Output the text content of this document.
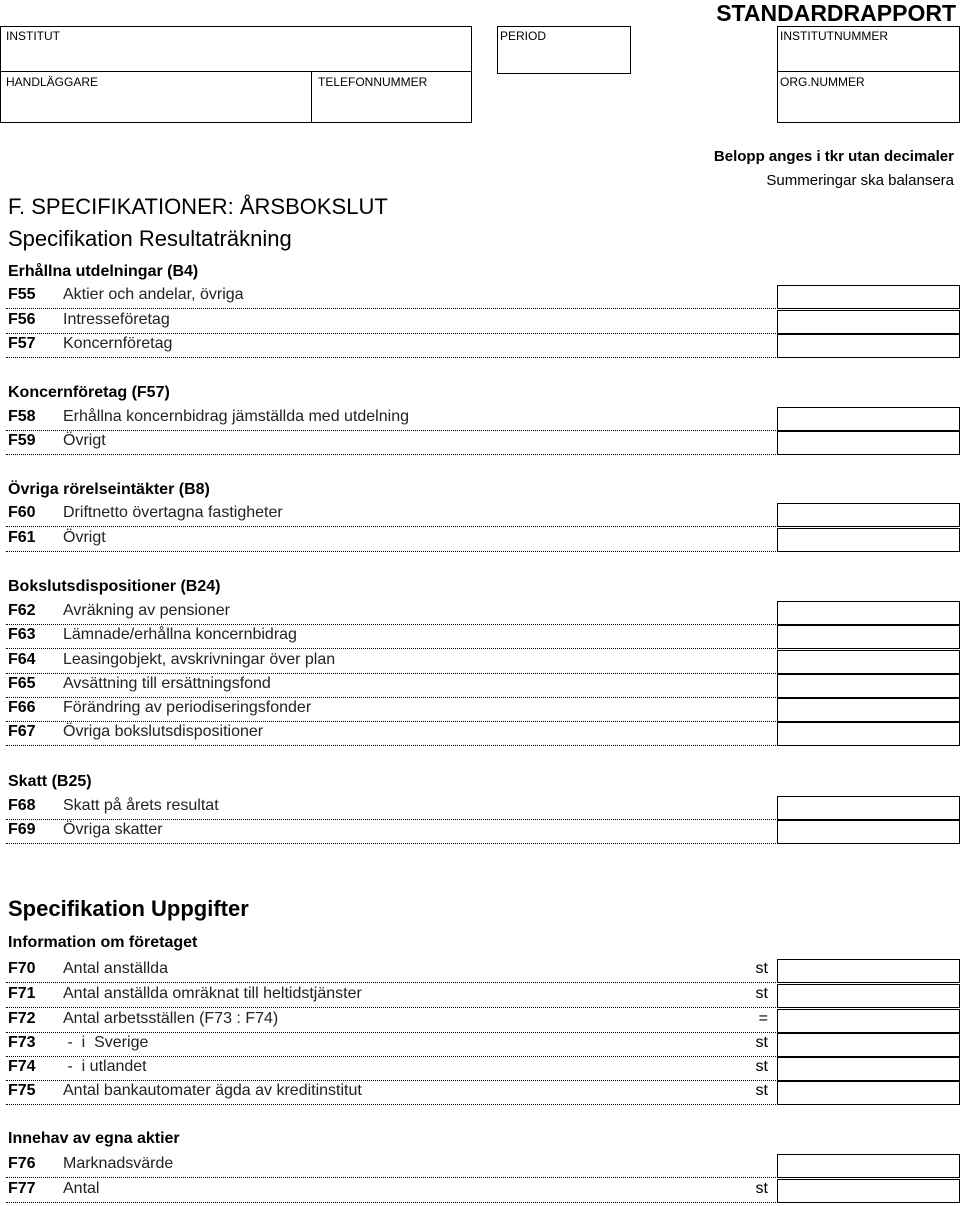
STANDARDRAPPORT
INSTITUT	PERIOD	INSTITUTNUMMER
HANDLÄGGARE	TELEFONNUMMER	ORG.NUMMER
Belopp anges i tkr utan decimaler
Summeringar ska balansera
F. SPECIFIKATIONER: ÅRSBOKSLUT
Specifikation Resultaträkning
Specifikation Uppgifter
Erhållna utdelningar (B4)
F55 Aktier och andelar, övriga
F56 Intresseföretag
F57 Koncernföretag
Koncernföretag (F57)
F58 Erhållna koncernbidrag jämställda med utdelning
F59 Övrigt
Övriga rörelseintäkter (B8)
F60 Driftnetto övertagna fastigheter
F61 Övrigt
Bokslutsdispositioner (B24)
F62 Avräkning av pensioner
F63 Lämnade/erhållna koncernbidrag
F64 Leasingobjekt, avskrivningar över plan
F65 Avsättning till ersättningsfond
F66 Förändring av periodiseringsfonder
F67 Övriga bokslutsdispositioner
Skatt (B25)
F68 Skatt på årets resultat
F69 Övriga skatter
Information om företaget
F70 Antal anställda	st
F71 Antal anställda omräknat till heltidstjänster	st
F72 Antal arbetsställen (F73 : F74)	=
F73 -  i  Sverige	st
F74 -  i utlandet	st
F75 Antal bankautomater ägda av kreditinstitut	st
Innehav av egna aktier
F76 Marknadsvärde
F77 Antal	st
